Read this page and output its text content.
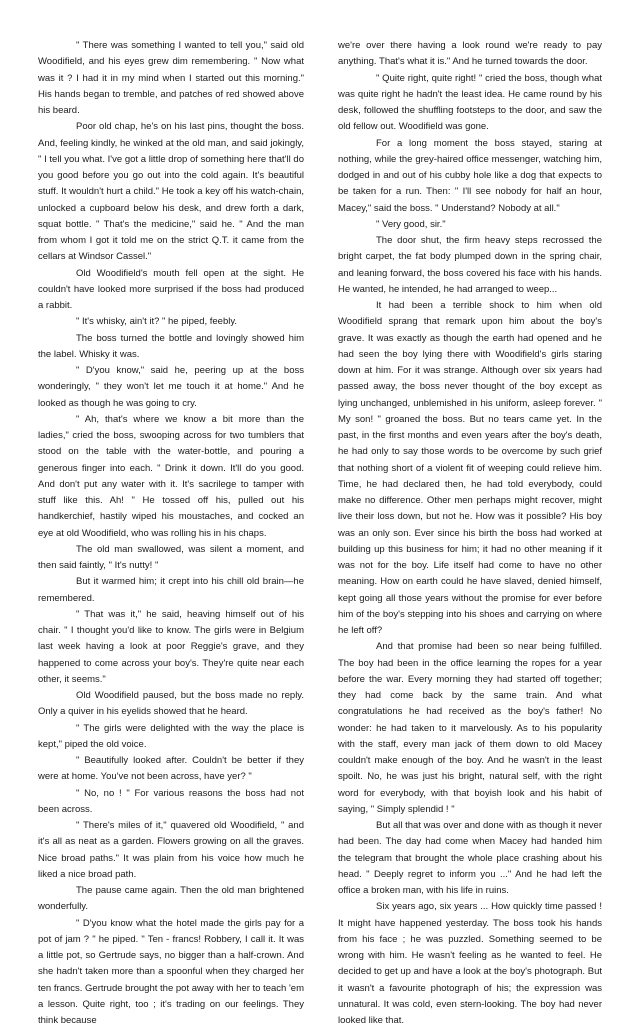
" There was something I wanted to tell you," said old Woodifield, and his eyes grew dim remembering. " Now what was it ? I had it in my mind when I started out this morning." His hands began to tremble, and patches of red showed above his beard.

Poor old chap, he's on his last pins, thought the boss. And, feeling kindly, he winked at the old man, and said jokingly, " I tell you what. I've got a little drop of something here that'll do you good before you go out into the cold again. It's beautiful stuff. It wouldn't hurt a child." He took a key off his watch-chain, unlocked a cupboard below his desk, and drew forth a dark, squat bottle. " That's the medicine," said he. " And the man from whom I got it told me on the strict Q.T. it came from the cellars at Windsor Cassel."

Old Woodifield's mouth fell open at the sight. He couldn't have looked more surprised if the boss had produced a rabbit.

" It's whisky, ain't it? " he piped, feebly.

The boss turned the bottle and lovingly showed him the label. Whisky it was.

" D'you know," said he, peering up at the boss wonderingly, " they won't let me touch it at home." And he looked as though he was going to cry.

" Ah, that's where we know a bit more than the ladies," cried the boss, swooping across for two tumblers that stood on the table with the water-bottle, and pouring a generous finger into each. " Drink it down. It'll do you good. And don't put any water with it. It's sacrilege to tamper with stuff like this. Ah! " He tossed off his, pulled out his handkerchief, hastily wiped his moustaches, and cocked an eye at old Woodifield, who was rolling his in his chaps.

The old man swallowed, was silent a moment, and then said faintly, " It's nutty! "

But it warmed him; it crept into his chill old brain—he remembered.

" That was it," he said, heaving himself out of his chair. " I thought you'd like to know. The girls were in Belgium last week having a look at poor Reggie's grave, and they happened to come across your boy's. They're quite near each other, it seems."

Old Woodifield paused, but the boss made no reply. Only a quiver in his eyelids showed that he heard.

" The girls were delighted with the way the place is kept," piped the old voice.

" Beautifully looked after. Couldn't be better if they were at home. You've not been across, have yer? "

" No, no ! " For various reasons the boss had not been across.

" There's miles of it," quavered old Woodifield, " and it's all as neat as a garden. Flowers growing on all the graves. Nice broad paths." It was plain from his voice how much he liked a nice broad path.

The pause came again. Then the old man brightened wonderfully.

" D'you know what the hotel made the girls pay for a pot of jam ? " he piped. " Ten - francs! Robbery, I call it. It was a little pot, so Gertrude says, no bigger than a half-crown. And she hadn't taken more than a spoonful when they charged her ten francs. Gertrude brought the pot away with her to teach 'em a lesson. Quite right, too ; it's trading on our feelings. They think because

we're over there having a look round we're ready to pay anything. That's what it is." And he turned towards the door.

" Quite right, quite right! " cried the boss, though what was quite right he hadn't the least idea. He came round by his desk, followed the shuffling footsteps to the door, and saw the old fellow out. Woodifield was gone.

For a long moment the boss stayed, staring at nothing, while the grey-haired office messenger, watching him, dodged in and out of his cubby hole like a dog that expects to be taken for a run. Then: " I'll see nobody for half an hour, Macey," said the boss. " Understand? Nobody at all."

" Very good, sir."

The door shut, the firm heavy steps recrossed the bright carpet, the fat body plumped down in the spring chair, and leaning forward, the boss covered his face with his hands. He wanted, he intended, he had arranged to weep...

It had been a terrible shock to him when old Woodifield sprang that remark upon him about the boy's grave. It was exactly as though the earth had opened and he had seen the boy lying there with Woodifield's girls staring down at him. For it was strange. Although over six years had passed away, the boss never thought of the boy except as lying unchanged, unblemished in his uniform, asleep forever. " My son! " groaned the boss. But no tears came yet. In the past, in the first months and even years after the boy's death, he had only to say those words to be overcome by such grief that nothing short of a violent fit of weeping could relieve him. Time, he had declared then, he had told everybody, could make no difference. Other men perhaps might recover, might live their loss down, but not he. How was it possible? His boy was an only son. Ever since his birth the boss had worked at building up this business for him; it had no other meaning if it was not for the boy. Life itself had come to have no other meaning. How on earth could he have slaved, denied himself, kept going all those years without the promise for ever before him of the boy's stepping into his shoes and carrying on where he left off?

And that promise had been so near being fulfilled. The boy had been in the office learning the ropes for a year before the war. Every morning they had started off together; they had come back by the same train. And what congratulations he had received as the boy's father! No wonder: he had taken to it marvelously. As to his popularity with the staff, every man jack of them down to old Macey couldn't make enough of the boy. And he wasn't in the least spoilt. No, he was just his bright, natural self, with the right word for everybody, with that boyish look and his habit of saying, " Simply splendid ! "

But all that was over and done with as though it never had been. The day had come when Macey had handed him the telegram that brought the whole place crashing about his head. " Deeply regret to inform you ..." And he had left the office a broken man, with his life in ruins.

Six years ago, six years ... How quickly time passed ! It might have happened yesterday. The boss took his hands from his face ; he was puzzled. Something seemed to be wrong with him. He wasn't feeling as he wanted to feel. He decided to get up and have a look at the boy's photograph. But it wasn't a favourite photograph of his; the expression was unnatural. It was cold, even stern-looking. The boy had never looked like that.
